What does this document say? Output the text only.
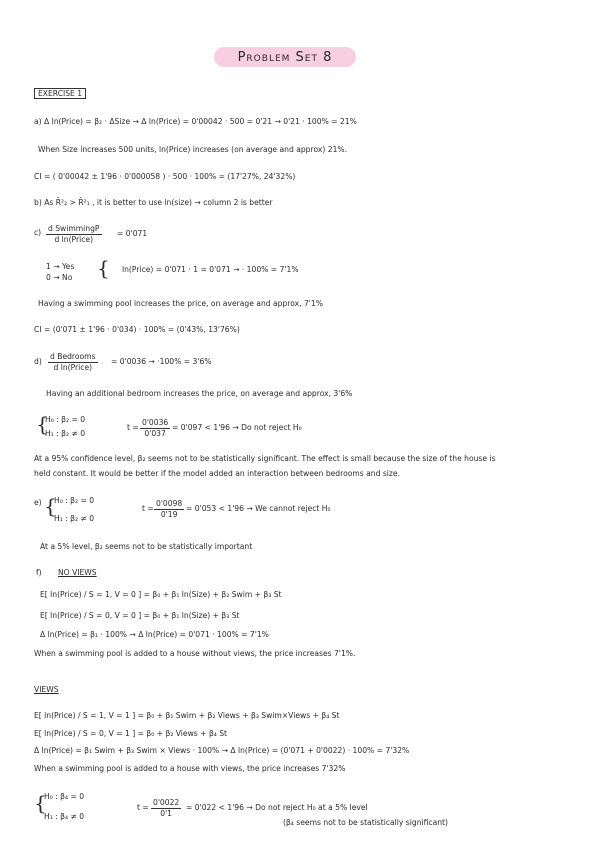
Problem Set 8
EXERCISE 1
a) Δ ln(Price) = β₂ · ΔSize → Δ ln(Price) = 0'00042 · 500 = 0'21 → 0'21 · 100% = 21%
When Size increases 500 units, ln(Price) increases (on average and approx) 21%.
CI = ( 0'00042 ± 1'96 · 0'000058 ) · 500 · 100% = (17'27%, 24'32%)
b) As R̄²₂ > R̄²₁ , it is better to use ln(size) → column 2 is better
c) d SwimmingP
d ln(Price)
= 0'071
1 → Yes
0 → No { ln(Price) = 0'071 · 1 = 0'071 → · 100% = 7'1%
Having a swimming pool increases the price, on average and approx, 7'1%
CI = (0'071 ± 1'96 · 0'034) · 100% = (0'43%, 13'76%)
d)
d Bedrooms
d ln(Price)
= 0'0036 → ·100% = 3'6%
Having an additional bedroom increases the price, on average and approx, 3'6%
{
H₀ : β₂ = 0
H₁ : β₂ ≠ 0
$t = \frac{0'0036}{0'037} = 0'097 < 1'96 \to Do$ not reject H₀
At a 95% confidence level, β₂ seems not to be statistically significant. The effect is small because the size of the house is
held constant. It would be better if the model added an interaction between bedrooms and size.
e) {
H₀ : β₂ = 0
H₁ : β₂ ≠ 0
$t = \frac{0'0098}{0'19} = 0'053 < 1'96 \to We$ cannot reject H₀
At a 5% level, β₂ seems not to be statistically important
f) NO VIEWS
E[ ln(Price) / S = 1, V = 0 ] = β₀ + β₁ ln(Size) + β₂ Swim + β₃ St
E[ ln(Price) / S = 0, V = 0 ] = β₀ + β₁ ln(Size) + β₃ St
Δ ln(Price) = β₁ · 100% → Δ ln(Price) = 0'071 · 100% = 7'1%
When a swimming pool is added to a house without views, the price increases 7'1%.
VIEWS
E[ ln(Price) / S = 1, V = 1 ] = β₀ + β₁ Swim + β₂ Views + β₃ Swim×Views + β₄ St
E[ ln(Price) / S = 0, V = 1 ] = β₀ + β₂ Views + β₄ St
Δ ln(Price) = β₁ Swim + β₃ Swim × Views · 100% → Δ ln(Price) = (0'071 + 0'0022) · 100% = 7'32%
When a swimming pool is added to a house with views, the price increases 7'32%
{
H₀ : β₄ = 0
H₁ : β₄ ≠ 0
$t = \frac{0'0022}{0'1} = 0'022 < 1'96 \to Do$ not reject H₀ at a 5% level
(β₄ seems not to be statistically significant)
